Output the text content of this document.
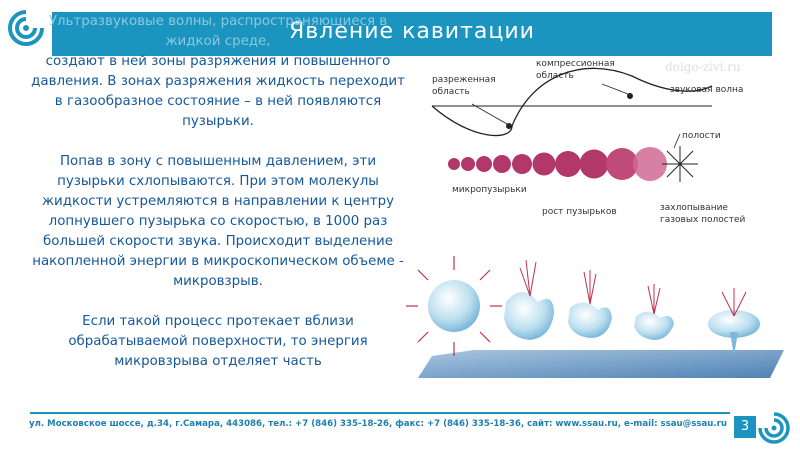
Явление кавитации

Ультразвуковые волны, распространяющиеся в жидкой среде,

создают в ней зоны разряжения и повышенного давления. В зонах разряжения жидкость переходит в газообразное состояние – в ней появляются пузырьки.

Попав в зону с повышенным давлением, эти пузырьки схлопываются. При этом молекулы жидкости устремляются в направлении к центру лопнувшего пузырька со скоростью, в 1000 раз большей скорости звука. Происходит выделение накопленной энергии в микроскопическом объеме - микровзрыв.

Если такой процесс протекает вблизи обрабатываемой поверхности, то энергия микровзрыва отделяет часть

dolgo-zivi.ru
разреженная
область
компрессионная
область
звуковая волна
полости
микропузырьки
рост пузырьков	захлопывание
газовых полостей
ул. Московское шоссе, д.34, г.Самара, 443086, тел.: +7 (846) 335-18-26, факс: +7 (846) 335-18-36, сайт: www.ssau.ru, e-mail: ssau@ssau.ru	3
